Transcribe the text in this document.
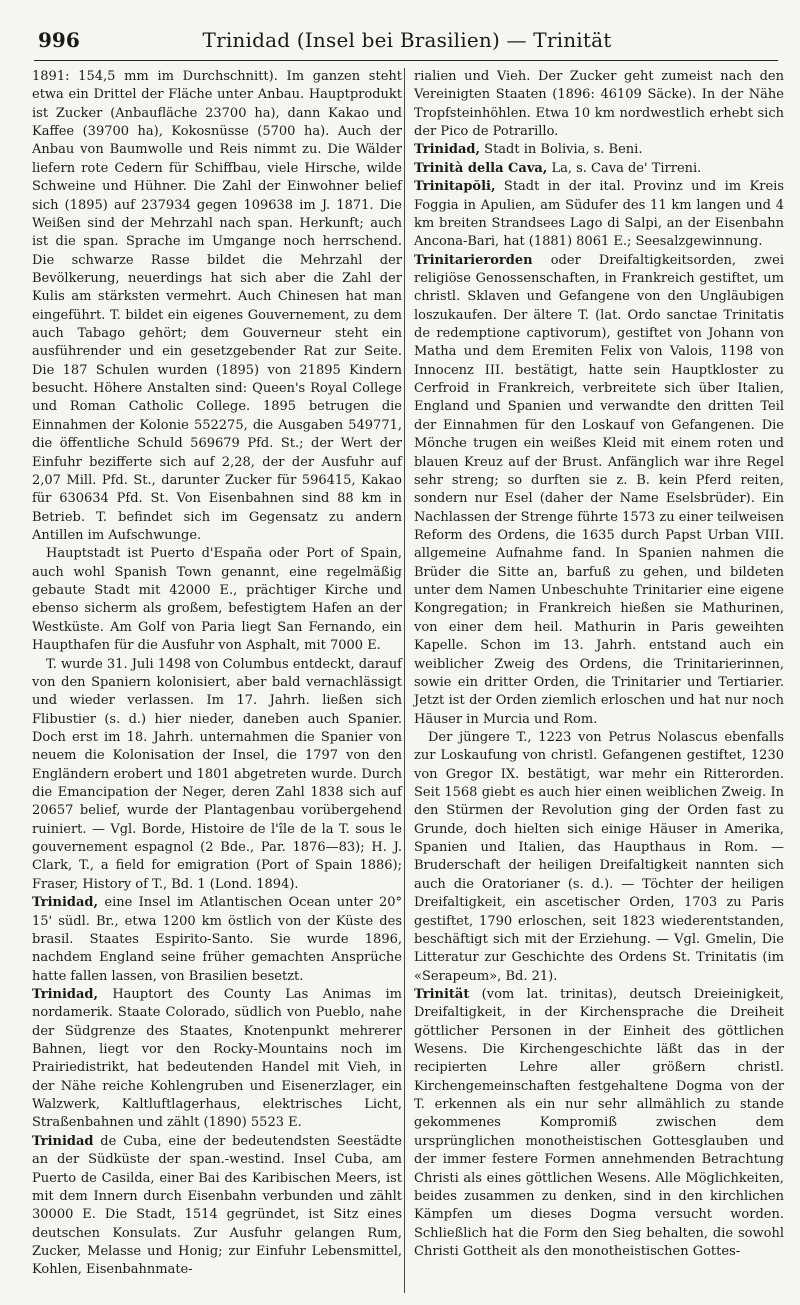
996	Trinidad (Insel bei Brasilien) — Trinität

1891: 154,5 mm im Durchschnitt). Im ganzen steht etwa ein Drittel der Fläche unter Anbau. Hauptprodukt ist Zucker (Anbaufläche 23700 ha), dann Kakao und Kaffee (39700 ha), Kokosnüsse (5700 ha). Auch der Anbau von Baumwolle und Reis nimmt zu. Die Wälder liefern rote Cedern für Schiffbau, viele Hirsche, wilde Schweine und Hühner. Die Zahl der Einwohner belief sich (1895) auf 237934 gegen 109638 im J. 1871. Die Weißen sind der Mehrzahl nach span. Herkunft; auch ist die span. Sprache im Umgange noch herrschend. Die schwarze Rasse bildet die Mehrzahl der Bevölkerung, neuerdings hat sich aber die Zahl der Kulis am stärksten vermehrt. Auch Chinesen hat man eingeführt. T. bildet ein eigenes Gouvernement, zu dem auch Tabago gehört; dem Gouverneur steht ein ausführender und ein gesetzgebender Rat zur Seite. Die 187 Schulen wurden (1895) von 21895 Kindern besucht. Höhere Anstalten sind: Queen's Royal College und Roman Catholic College. 1895 betrugen die Einnahmen der Kolonie 552275, die Ausgaben 549771, die öffentliche Schuld 569679 Pfd. St.; der Wert der Einfuhr bezifferte sich auf 2,28, der der Ausfuhr auf 2,07 Mill. Pfd. St., darunter Zucker für 596415, Kakao für 630634 Pfd. St. Von Eisenbahnen sind 88 km in Betrieb. T. befindet sich im Gegensatz zu andern Antillen im Aufschwunge.

Hauptstadt ist Puerto d'España oder Port of Spain, auch wohl Spanish Town genannt, eine regelmäßig gebaute Stadt mit 42000 E., prächtiger Kirche und ebenso sicherm als großem, befestigtem Hafen an der Westküste. Am Golf von Paria liegt San Fernando, ein Haupthafen für die Ausfuhr von Asphalt, mit 7000 E.

T. wurde 31. Juli 1498 von Columbus entdeckt, darauf von den Spaniern kolonisiert, aber bald vernachlässigt und wieder verlassen. Im 17. Jahrh. ließen sich Flibustier (s. d.) hier nieder, daneben auch Spanier. Doch erst im 18. Jahrh. unternahmen die Spanier von neuem die Kolonisation der Insel, die 1797 von den Engländern erobert und 1801 abgetreten wurde. Durch die Emancipation der Neger, deren Zahl 1838 sich auf 20657 belief, wurde der Plantagenbau vorübergehend ruiniert. — Vgl. Borde, Histoire de l'île de la T. sous le gouvernement espagnol (2 Bde., Par. 1876—83); H. J. Clark, T., a field for emigration (Port of Spain 1886); Fraser, History of T., Bd. 1 (Lond. 1894).

Trinidad, eine Insel im Atlantischen Ocean unter 20° 15' südl. Br., etwa 1200 km östlich von der Küste des brasil. Staates Espirito-Santo. Sie wurde 1896, nachdem England seine früher gemachten Ansprüche hatte fallen lassen, von Brasilien besetzt.

Trinidad, Hauptort des County Las Animas im nordamerik. Staate Colorado, südlich von Pueblo, nahe der Südgrenze des Staates, Knotenpunkt mehrerer Bahnen, liegt vor den Rocky-Mountains noch im Prairiedistrikt, hat bedeutenden Handel mit Vieh, in der Nähe reiche Kohlengruben und Eisenerzlager, ein Walzwerk, Kaltluftlagerhaus, elektrisches Licht, Straßenbahnen und zählt (1890) 5523 E.

Trinidad de Cuba, eine der bedeutendsten Seestädte an der Südküste der span.-westind. Insel Cuba, am Puerto de Casilda, einer Bai des Karibischen Meers, ist mit dem Innern durch Eisenbahn verbunden und zählt 30000 E. Die Stadt, 1514 gegründet, ist Sitz eines deutschen Konsulats. Zur Ausfuhr gelangen Rum, Zucker, Melasse und Honig; zur Einfuhr Lebensmittel, Kohlen, Eisenbahnmate-

rialien und Vieh. Der Zucker geht zumeist nach den Vereinigten Staaten (1896: 46109 Säcke). In der Nähe Tropfsteinhöhlen. Etwa 10 km nordwestlich erhebt sich der Pico de Potrarillo.

Trinidad, Stadt in Bolivia, s. Beni.

Trinità della Cava, La, s. Cava de' Tirreni.

Trinitapŏli, Stadt in der ital. Provinz und im Kreis Foggia in Apulien, am Südufer des 11 km langen und 4 km breiten Strandsees Lago di Salpi, an der Eisenbahn Ancona-Bari, hat (1881) 8061 E.; Seesalzgewinnung.

Trinitarierorden oder Dreifaltigkeitsorden, zwei religiöse Genossenschaften, in Frankreich gestiftet, um christl. Sklaven und Gefangene von den Ungläubigen loszukaufen. Der ältere T. (lat. Ordo sanctae Trinitatis de redemptione captivorum), gestiftet von Johann von Matha und dem Eremiten Felix von Valois, 1198 von Innocenz III. bestätigt, hatte sein Hauptkloster zu Cerfroid in Frankreich, verbreitete sich über Italien, England und Spanien und verwandte den dritten Teil der Einnahmen für den Loskauf von Gefangenen. Die Mönche trugen ein weißes Kleid mit einem roten und blauen Kreuz auf der Brust. Anfänglich war ihre Regel sehr streng; so durften sie z. B. kein Pferd reiten, sondern nur Esel (daher der Name Eselsbrüder). Ein Nachlassen der Strenge führte 1573 zu einer teilweisen Reform des Ordens, die 1635 durch Papst Urban VIII. allgemeine Aufnahme fand. In Spanien nahmen die Brüder die Sitte an, barfuß zu gehen, und bildeten unter dem Namen Unbeschuhte Trinitarier eine eigene Kongregation; in Frankreich hießen sie Mathurinen, von einer dem heil. Mathurin in Paris geweihten Kapelle. Schon im 13. Jahrh. entstand auch ein weiblicher Zweig des Ordens, die Trinitarierinnen, sowie ein dritter Orden, die Trinitarier und Tertiarier. Jetzt ist der Orden ziemlich erloschen und hat nur noch Häuser in Murcia und Rom.

Der jüngere T., 1223 von Petrus Nolascus ebenfalls zur Loskaufung von christl. Gefangenen gestiftet, 1230 von Gregor IX. bestätigt, war mehr ein Ritterorden. Seit 1568 giebt es auch hier einen weiblichen Zweig. In den Stürmen der Revolution ging der Orden fast zu Grunde, doch hielten sich einige Häuser in Amerika, Spanien und Italien, das Haupthaus in Rom. — Bruderschaft der heiligen Dreifaltigkeit nannten sich auch die Oratorianer (s. d.). — Töchter der heiligen Dreifaltigkeit, ein ascetischer Orden, 1703 zu Paris gestiftet, 1790 erloschen, seit 1823 wiederentstanden, beschäftigt sich mit der Erziehung. — Vgl. Gmelin, Die Litteratur zur Geschichte des Ordens St. Trinitatis (im «Serapeum», Bd. 21).

Trinität (vom lat. trinitas), deutsch Dreieinigkeit, Dreifaltigkeit, in der Kirchensprache die Dreiheit göttlicher Personen in der Einheit des göttlichen Wesens. Die Kirchengeschichte läßt das in der recipierten Lehre aller größern christl. Kirchengemeinschaften festgehaltene Dogma von der T. erkennen als ein nur sehr allmählich zu stande gekommenes Kompromiß zwischen dem ursprünglichen monotheistischen Gottesglauben und der immer festere Formen annehmenden Betrachtung Christi als eines göttlichen Wesens. Alle Möglichkeiten, beides zusammen zu denken, sind in den kirchlichen Kämpfen um dieses Dogma versucht worden. Schließlich hat die Form den Sieg behalten, die sowohl Christi Gottheit als den monotheistischen Gottes-
